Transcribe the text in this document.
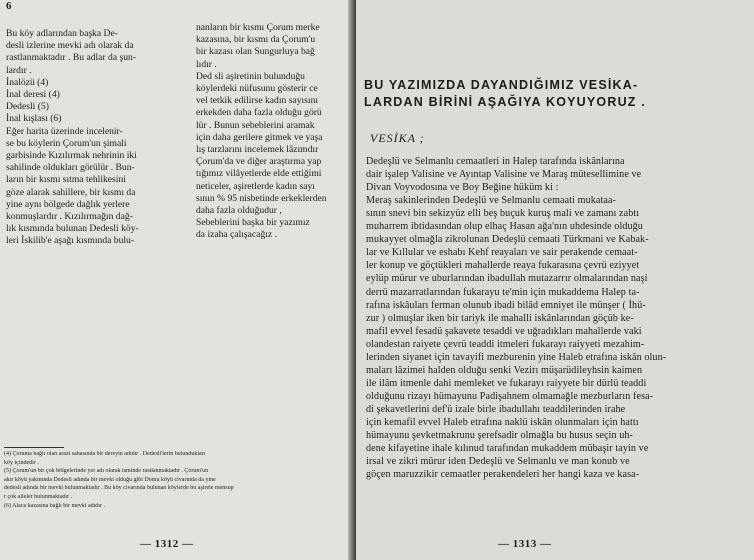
6
Bu köy adlarından başka De-
desli izlerine mevki adı olarak da
rastlanmaktadır . Bu adlar da şun-
lardır .
İnalözü (4)
İnal deresi (4)
Dedesli (5)
İnal kışlası (6)
Eğer harita üzerinde incelenir-
se bu köylerin Çorum'un şimali
garbisinde Kızılırmak nehrinin iki
sahilinde oldukları görülür . Bun-
ların bir kısmı sıtma tehlikesini
göze alarak sahillere, bir kısmı da
yine aynı bölgede dağlık yerlere
konmuşlardır . Kızılırmağın dağ-
lık kısmında bulunan Dedesli köy-
leri İskilib'e aşağı kısmında bulu-
nanların bir kısmı Çorum merke
kazasına, bir kısmı da Çorum'u
bir kazası olan Sungurluya bağ
lıdır .
Ded sli aşiretinin bulunduğu
köylerdeki nüfusunu gösterir ce
vel tetkik edilirse kadın sayısını
erkekden daha fazla olduğu görü
lür . Bunun sebeblerini aramak
için daha gerilere gitmek ve yaşa
lış tarzlarını incelemek lâzımdır
Çorum'da ve diğer araştırma yap
tığımız vilâyetlerde elde ettiğimi
neticeler, aşiretlerde kadın sayı
sının % 95 nisbetinde erkeklerden
daha fazla olduğudur ,
Sebeblerini başka bir yazımız
da izaha çalışacağız .
(4) Çoruma bağlı olan arazi sahasında bir dereyin adıdır . Dedesli'lerin bulundukları
köy içindedir .
(5) Çorum'un bir çok bölgelerinde yer adı olarak isminde rastlanmaktadır . Çorum'un
akır köyü yakınında Dedesli adında bir mevki olduğu gibi Domu köyü civarında da yine
dedesli adında bir mevki bulunmaktadır . Bu köy civarında bulunan köylerde bu aşirete mensup
r çok aileler bulunmaktadır .
(6) Alaca kazasına bağlı bir mevki adıdır .
— 1312 —
BU YAZIMIZDA DAYANDIĞIMIZ VESİKA-
LARDAN BİRİNİ AŞAĞIYA KOYUYORUZ .
VESİKA ;
Dedeşlü ve Selmanlu cemaatleri in Halep tarafında iskânlarına
dair işalep Valisine ve Ayıntap Valisine ve Maraş mütesellimine ve
Divan Voyvodosına ve Boy Beğine hüküm ki :
Meraş sakinlerinden Dedeşlü ve Selmanlu cemaati mukataa-
sının sneví bin sekizyüz elli beş buçuk kuruş mali ve zamanı zabtı
muharrem ibtidasından olup elhaç Hasan ağa'nın uhdesinde olduğu
mukayyet olmağla zikrolunan Dedeşlü cemaati Türkmani ve Kabak-
lar ve Kıllular ve eshabı Kehf reayaları ve sair perakende cemaat-
ler konup ve göçtükleri mahallerde reaya fukarasına çevrü eziyyet
eylüp mürur ve uburlarından ibadullah mutazarrır olmalarından naşi
derrü mazarratlarından fukarayu te'min için mukaddema Halep ta-
rafına iskâuları ferman olunub ibadi bilâd emniyet ile münşer ( İhü-
zur ) olmuşlar iken bir tariyk ile mahalli iskânlarından göçüb ke-
mafil evvel fesadü şakavete tesaddi ve uğradıkları mahallerde vaki
olandestan raiyete çevrü teaddi itmeleri fukarayı raiyyeti mezahim-
lerinden siyanet için tavayifi mezburenin yine Haleb etrafına iskân olun-
maları lâzimei halden olduğu senki Vezirı müşarüdileyhsin kaimen
ile ilâm itmenle dahi memleket ve fukarayı raiyyete bir dürlü teaddi
olduğunu rizayı hümayunu Padişahnem olmamağle mezburların fesa-
di şekavetlerini def'ü izale birle ibadullahı teaddilerinden irahe
için kemafil evvel Haleb etrafına naklü iskân olunmaları için hattı
hümayunu şevketmakrunu şerefsadir olmağla bu husus seçin uh-
dene kifayetine ihale kılınud tarafından mukaddem mübaşir tayin ve
irsal ve zikri mürur iden Dedeşlü ve Selmanlu ve man konub ve
göçen maruzzikir cemaatler perakendeleri her hangi kaza ve kasa-
— 1313 —
